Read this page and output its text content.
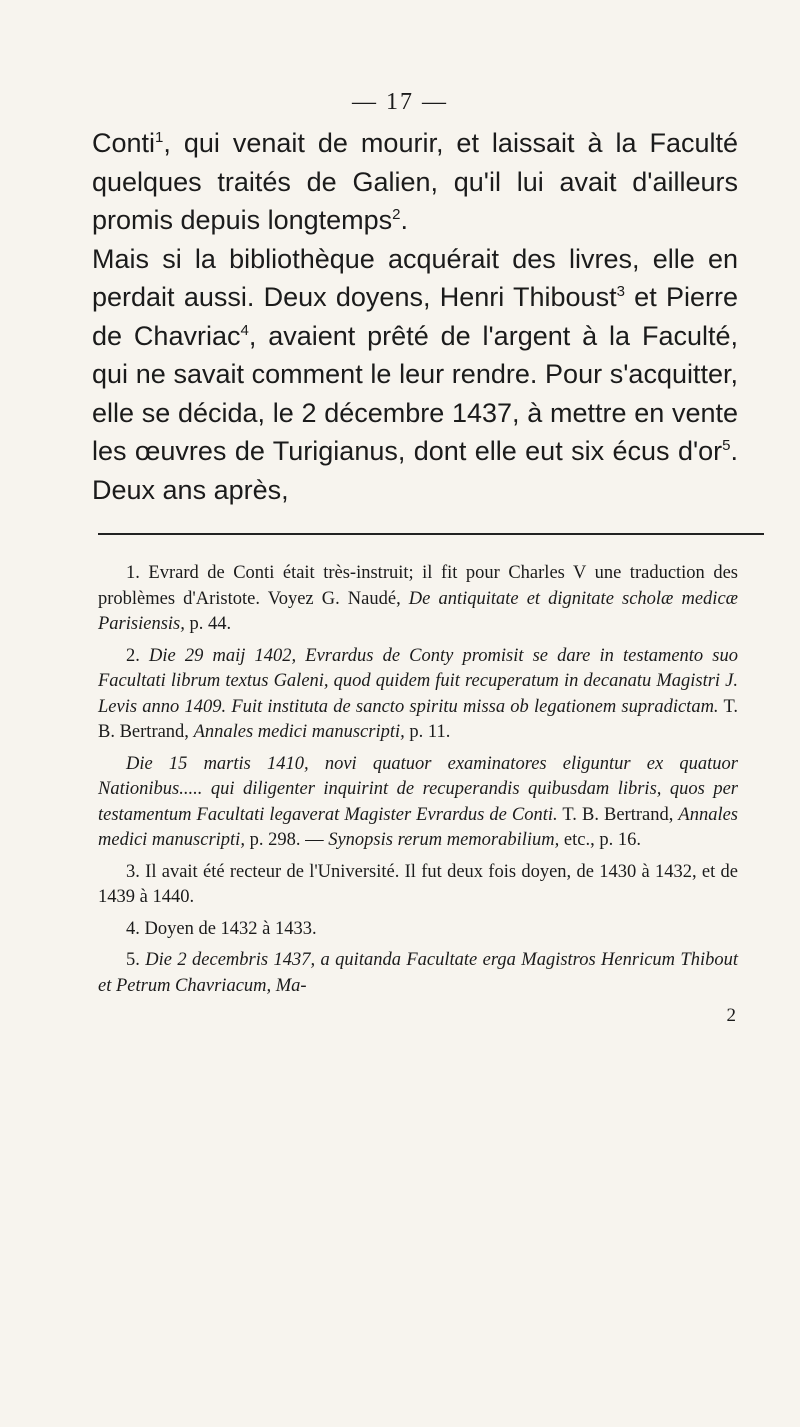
— 17 —

Conti$^1$, qui venait de mourir, et laissait à la Faculté quelques traités de Galien, qu'il lui avait d'ailleurs promis depuis longtemps$^2$.

Mais si la bibliothèque acquérait des livres, elle en perdait aussi. Deux doyens, Henri Thiboust$^3$ et Pierre de Chavriac$^4$, avaient prêté de l'argent à la Faculté, qui ne savait comment le leur rendre. Pour s'acquitter, elle se décida, le 2 décembre 1437, à mettre en vente les œuvres de Turigianus, dont elle eut six écus $d'or^5$. Deux ans après,

1. Evrard de Conti était très-instruit; il fit pour Charles V une traduction des problèmes d'Aristote. Voyez G. Naudé, De antiquitate et dignitate scholæ medicæ Parisiensis, p. 44.

2. Die 29 maij 1402, Evrardus de Conty promisit se dare in testamento suo Facultati librum textus Galeni, quod quidem fuit recuperatum in decanatu Magistri J. Levis anno 1409. Fuit instituta de sancto spiritu missa ob legationem supradictam. T. B. Bertrand, Annales medici manuscripti, p. 11.

Die 15 martis 1410, novi quatuor examinatores eliguntur ex quatuor Nationibus..... qui diligenter inquirint de recuperandis quibusdam libris, quos per testamentum Facultati legaverat Magister Evrardus de Conti. T. B. Bertrand, Annales medici manuscripti, p. 298. — Synopsis rerum memorabilium, etc., p. 16.

3. Il avait été recteur de l'Université. Il fut deux fois doyen, de 1430 à 1432, et de 1439 à 1440.

4. Doyen de 1432 à 1433.

5. Die 2 decembris 1437, a quitanda Facultate erga Magistros Henricum Thibout et Petrum Chavriacum, Ma-

2
